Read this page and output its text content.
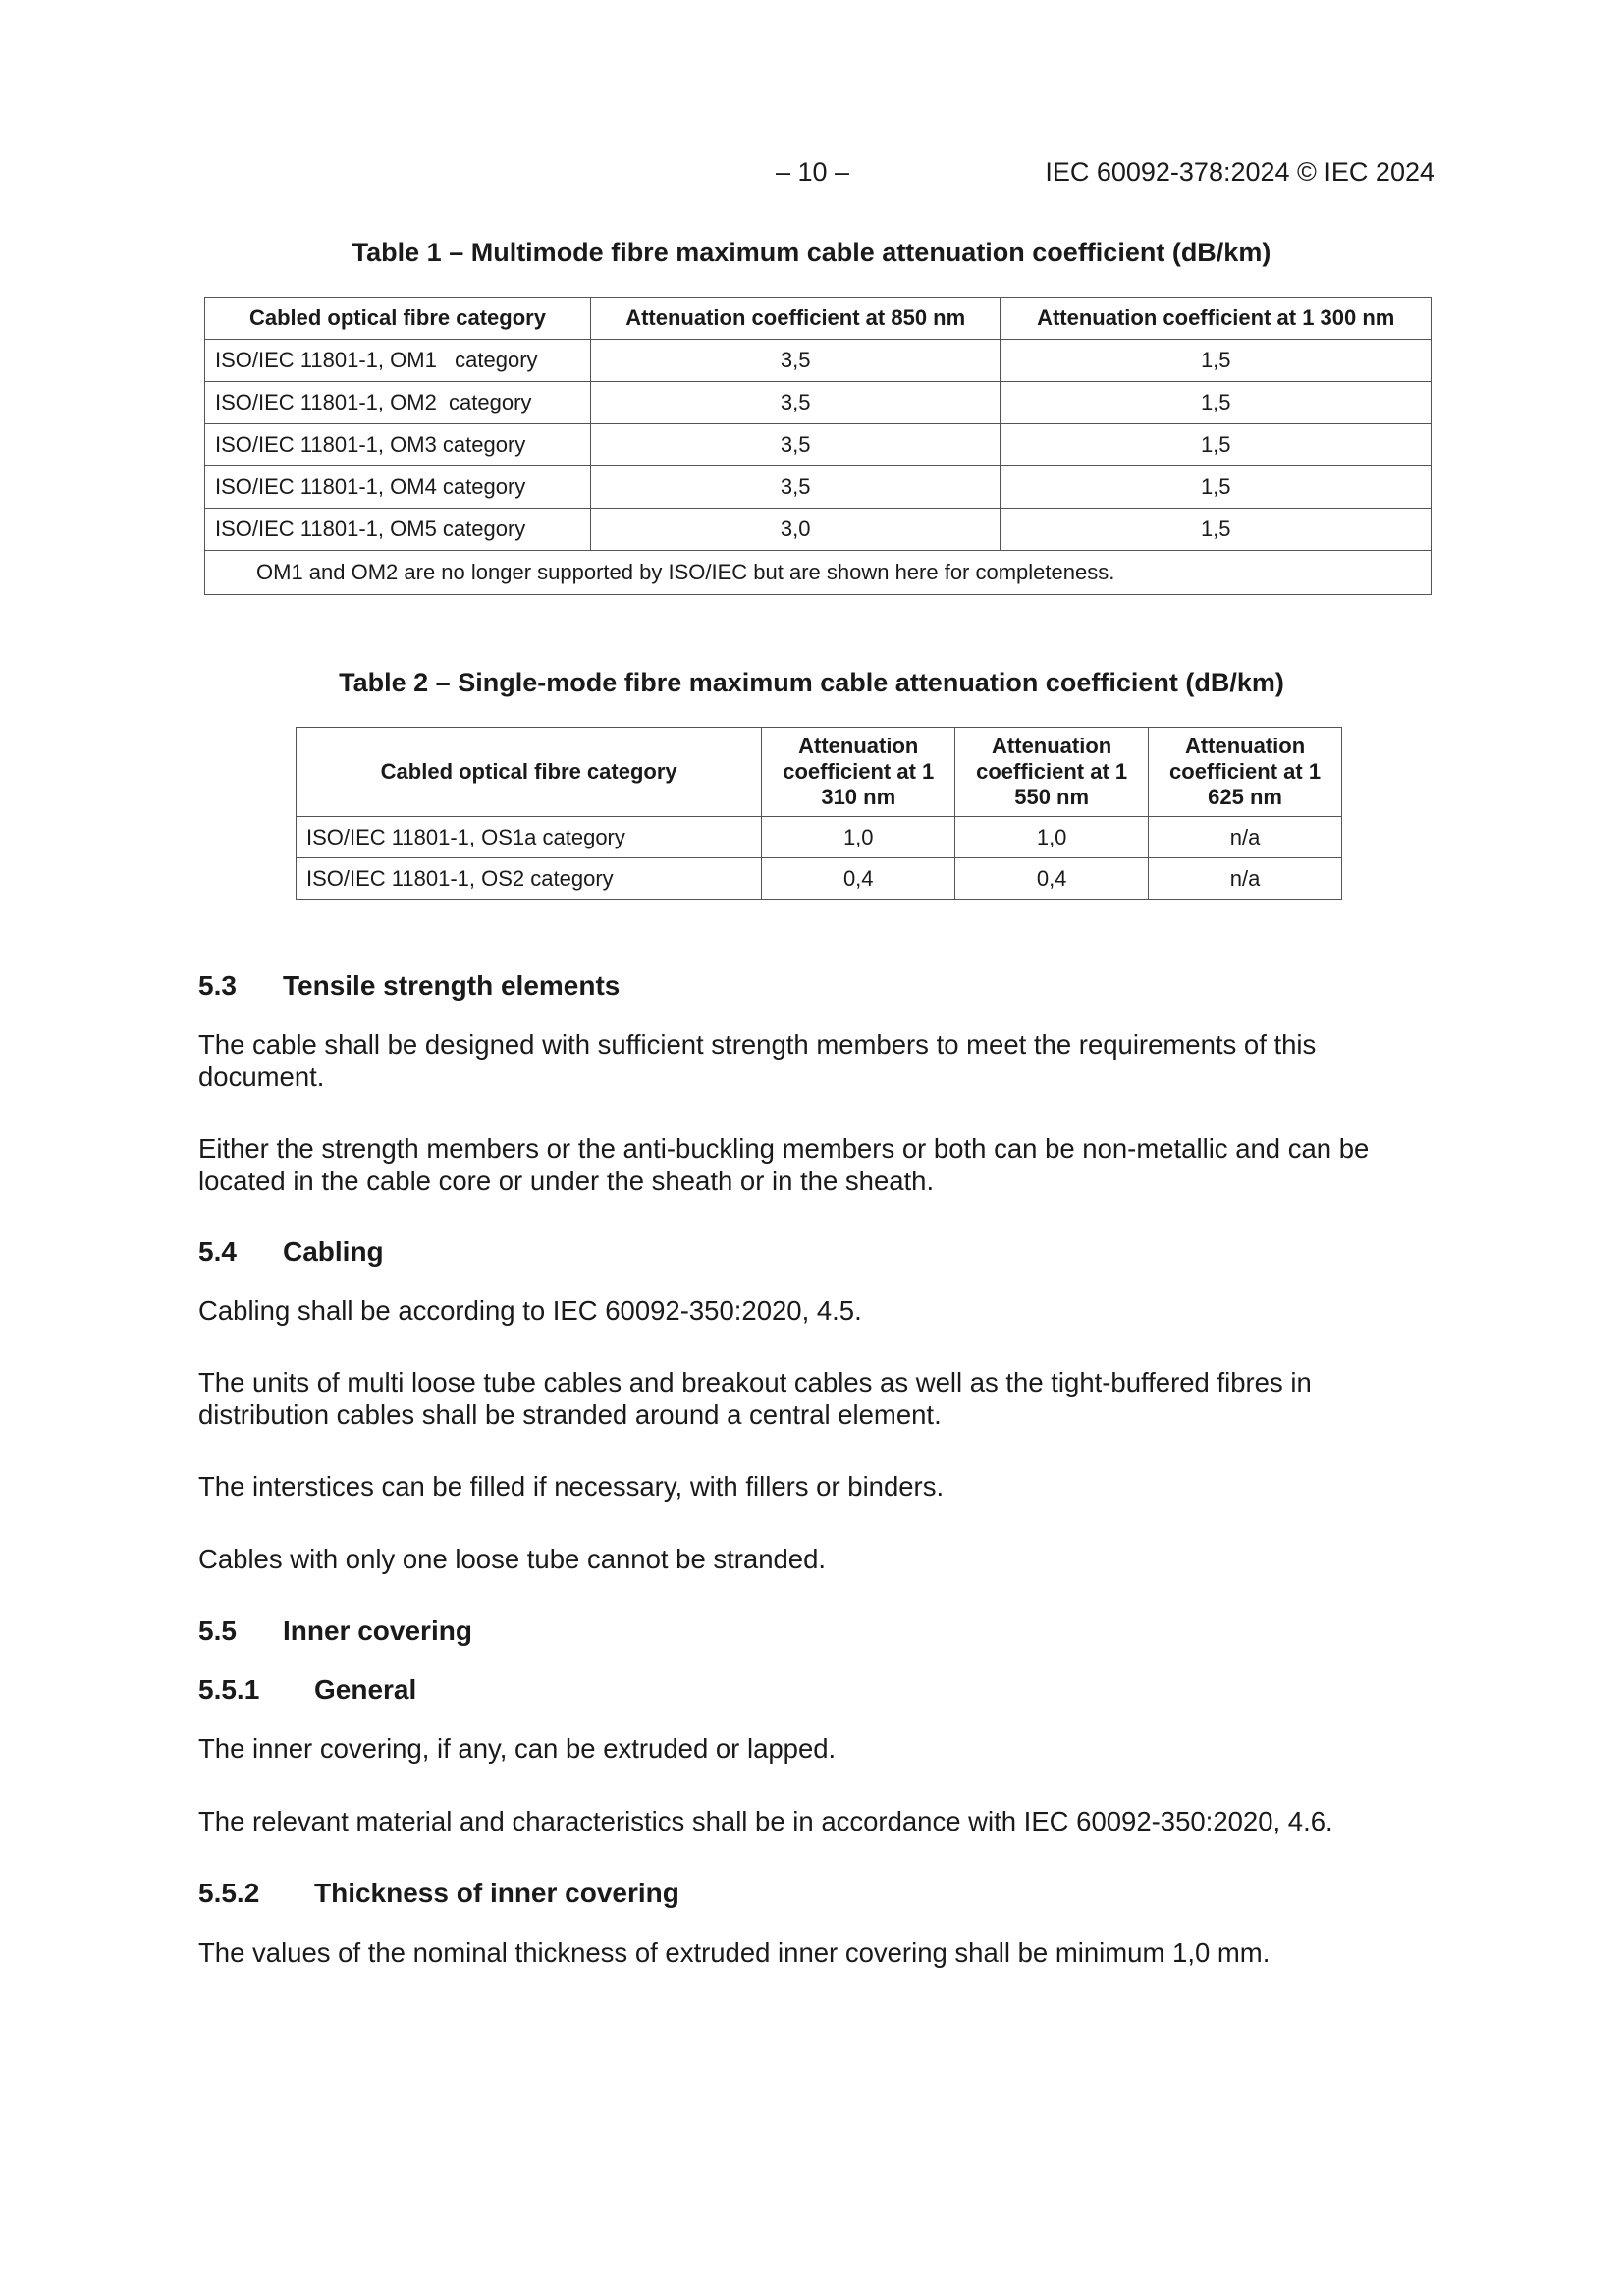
– 10 –	IEC 60092-378:2024 © IEC 2024
Table 1 – Multimode fibre maximum cable attenuation coefficient (dB/km)
Cabled optical fibre category	Attenuation coefficient at 850 nm	Attenuation coefficient at 1 300 nm
ISO/IEC 11801-1, OM1   category	3,5	1,5
ISO/IEC 11801-1, OM2  category	3,5	1,5
ISO/IEC 11801-1, OM3 category	3,5	1,5
ISO/IEC 11801-1, OM4 category	3,5	1,5
ISO/IEC 11801-1, OM5 category	3,0	1,5
OM1 and OM2 are no longer supported by ISO/IEC but are shown here for completeness.		
Table 2 – Single-mode fibre maximum cable attenuation coefficient (dB/km)
Cabled optical fibre category	Attenuation coefficient at 1 310 nm	Attenuation coefficient at 1 550 nm	Attenuation coefficient at 1 625 nm
ISO/IEC 11801-1, OS1a category	1,0	1,0	n/a
ISO/IEC 11801-1, OS2 category	0,4	0,4	n/a
5.3 Tensile strength elements
The cable shall be designed with sufficient strength members to meet the requirements of this document.
Either the strength members or the anti-buckling members or both can be non-metallic and can be located in the cable core or under the sheath or in the sheath.
5.4 Cabling
Cabling shall be according to IEC 60092-350:2020, 4.5.
The units of multi loose tube cables and breakout cables as well as the tight-buffered fibres in distribution cables shall be stranded around a central element.
The interstices can be filled if necessary, with fillers or binders.
Cables with only one loose tube cannot be stranded.
5.5 Inner covering
5.5.1 General
The inner covering, if any, can be extruded or lapped.
The relevant material and characteristics shall be in accordance with IEC 60092-350:2020, 4.6.
5.5.2 Thickness of inner covering
The values of the nominal thickness of extruded inner covering shall be minimum 1,0 mm.
